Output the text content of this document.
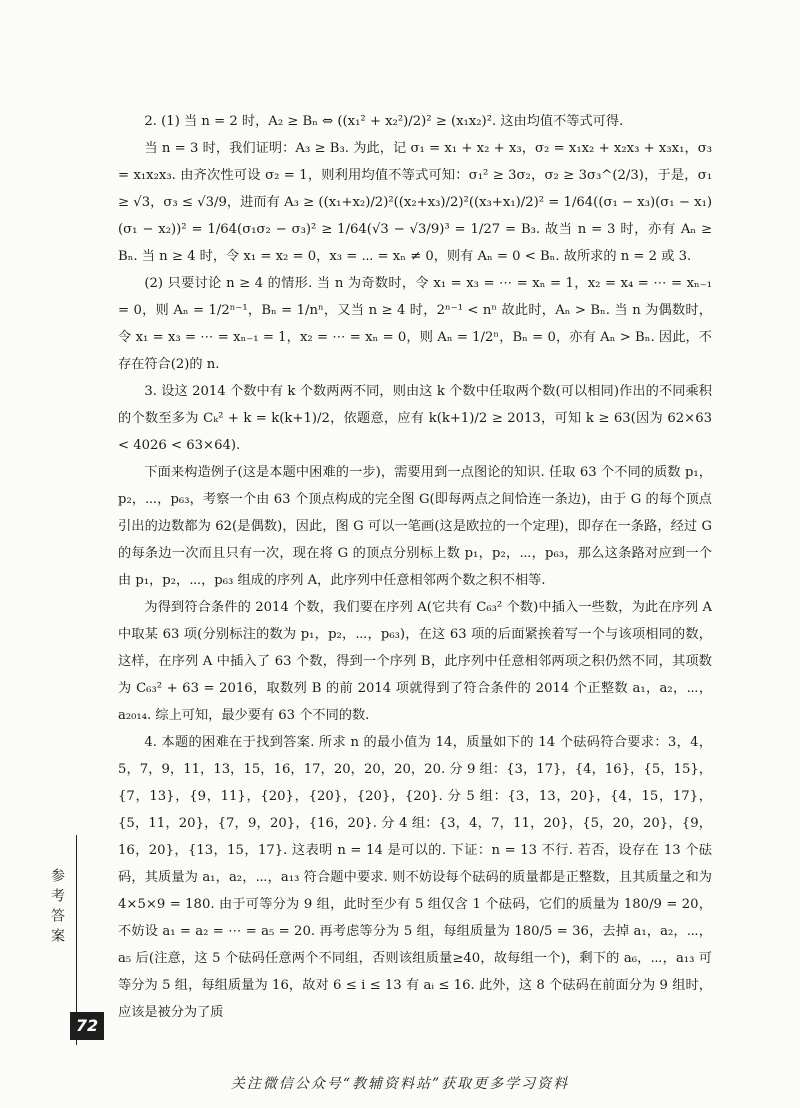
2. (1) 当 n = 2 时，A₂ ≥ Bₙ ⇔ ((x₁² + x₂²)/2)² ≥ (x₁x₂)². 这由均值不等式可得.

当 n = 3 时，我们证明：A₃ ≥ B₃. 为此，记 σ₁ = x₁ + x₂ + x₃，σ₂ = x₁x₂ + x₂x₃ + x₃x₁，σ₃ = x₁x₂x₃. 由齐次性可设 σ₂ = 1，则利用均值不等式可知：σ₁² ≥ 3σ₂，σ₂ ≥ 3σ₃^(2/3)，于是，σ₁ ≥ √3，σ₃ ≤ √3/9，进而有 A₃ ≥ ((x₁+x₂)/2)²((x₂+x₃)/2)²((x₃+x₁)/2)² = 1/64((σ₁ − x₃)(σ₁ − x₁)(σ₁ − x₂))² = 1/64(σ₁σ₂ − σ₃)² ≥ 1/64(√3 − √3/9)³ = 1/27 = B₃. 故当 n = 3 时，亦有 Aₙ ≥ Bₙ. 当 n ≥ 4 时，令 x₁ = x₂ = 0，x₃ = ⋯ = xₙ ≠ 0，则有 Aₙ = 0 < Bₙ. 故所求的 n = 2 或 3.

(2) 只要讨论 n ≥ 4 的情形. 当 n 为奇数时，令 x₁ = x₃ = ⋯ = xₙ = 1，x₂ = x₄ = ⋯ = xₙ₋₁ = 0，则 Aₙ = 1/2ⁿ⁻¹，Bₙ = 1/nⁿ，又当 n ≥ 4 时，2ⁿ⁻¹ < nⁿ 故此时，Aₙ > Bₙ. 当 n 为偶数时，令 x₁ = x₃ = ⋯ = xₙ₋₁ = 1，x₂ = ⋯ = xₙ = 0，则 Aₙ = 1/2ⁿ，Bₙ = 0，亦有 Aₙ > Bₙ. 因此，不存在符合(2)的 n.

3. 设这 2014 个数中有 k 个数两两不同，则由这 k 个数中任取两个数(可以相同)作出的不同乘积的个数至多为 Cₖ² + k = k(k+1)/2，依题意，应有 k(k+1)/2 ≥ 2013，可知 k ≥ 63(因为 62×63 < 4026 < 63×64).

下面来构造例子(这是本题中困难的一步)，需要用到一点图论的知识. 任取 63 个不同的质数 p₁，p₂，⋯，p₆₃，考察一个由 63 个顶点构成的完全图 G(即每两点之间恰连一条边)，由于 G 的每个顶点引出的边数都为 62(是偶数)，因此，图 G 可以一笔画(这是欧拉的一个定理)，即存在一条路，经过 G 的每条边一次而且只有一次，现在将 G 的顶点分别标上数 p₁，p₂，⋯，p₆₃，那么这条路对应到一个由 p₁，p₂，⋯，p₆₃ 组成的序列 A，此序列中任意相邻两个数之积不相等.

为得到符合条件的 2014 个数，我们要在序列 A(它共有 C₆₃² 个数)中插入一些数，为此在序列 A 中取某 63 项(分别标注的数为 p₁，p₂，⋯，p₆₃)，在这 63 项的后面紧挨着写一个与该项相同的数，这样，在序列 A 中插入了 63 个数，得到一个序列 B，此序列中任意相邻两项之积仍然不同，其项数为 C₆₃² + 63 = 2016，取数列 B 的前 2014 项就得到了符合条件的 2014 个正整数 a₁，a₂，⋯，a₂₀₁₄. 综上可知，最少要有 63 个不同的数.

4. 本题的困难在于找到答案. 所求 n 的最小值为 14，质量如下的 14 个砝码符合要求：3，4，5，7，9，11，13，15，16，17，20，20，20，20. 分 9 组：{3，17}，{4，16}，{5，15}，{7，13}，{9，11}，{20}，{20}，{20}，{20}. 分 5 组：{3，13，20}，{4，15，17}，{5，11，20}，{7，9，20}，{16，20}. 分 4 组：{3，4，7，11，20}，{5，20，20}，{9，16，20}，{13，15，17}. 这表明 n = 14 是可以的. 下证：n = 13 不行. 若否，设存在 13 个砝码，其质量为 a₁，a₂，⋯，a₁₃ 符合题中要求. 则不妨设每个砝码的质量都是正整数，且其质量之和为 4×5×9 = 180. 由于可等分为 9 组，此时至少有 5 组仅含 1 个砝码，它们的质量为 180/9 = 20，不妨设 a₁ = a₂ = ⋯ = a₅ = 20. 再考虑等分为 5 组，每组质量为 180/5 = 36，去掉 a₁，a₂，⋯，a₅ 后(注意，这 5 个砝码任意两个不同组，否则该组质量≥40，故每组一个)，剩下的 a₆，⋯，a₁₃ 可等分为 5 组，每组质量为 16，故对 6 ≤ i ≤ 13 有 aᵢ ≤ 16. 此外，这 8 个砝码在前面分为 9 组时，应该是被分为了质

参考答案
72
关注微信公众号“教辅资料站”获取更多学习资料
